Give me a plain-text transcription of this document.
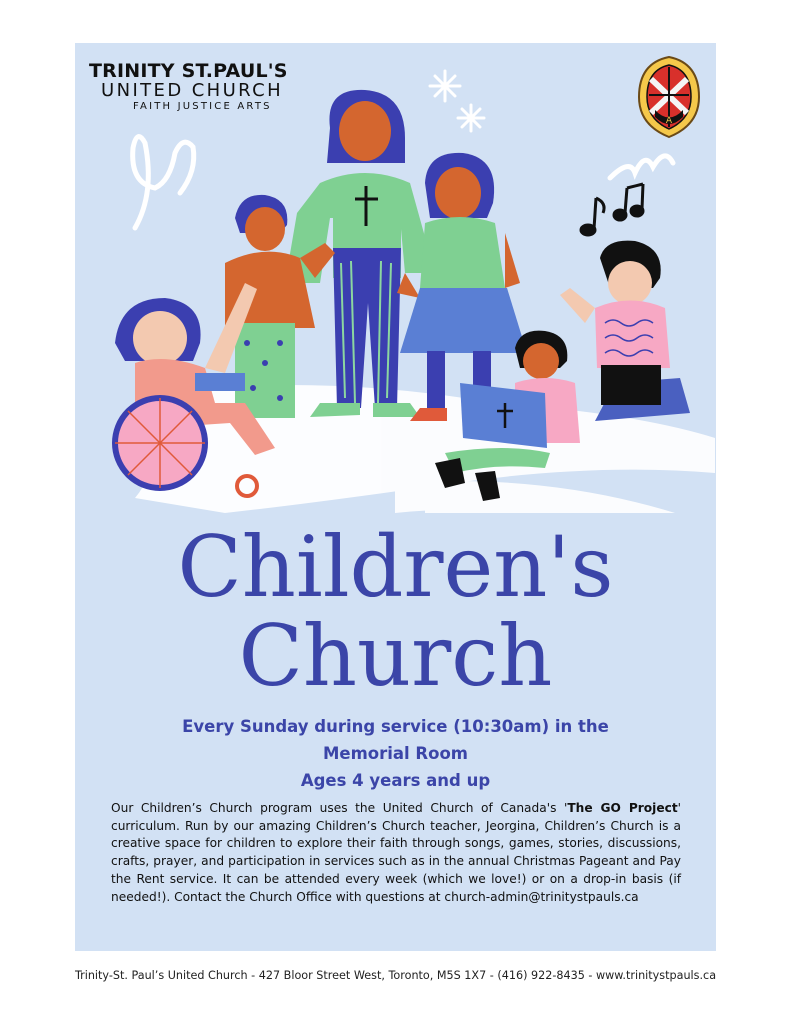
TRINITY ST.PAUL'S
UNITED CHURCH
FAITH JUSTICE ARTS
A
Children's
Church
Every Sunday during service (10:30am) in the
Memorial Room
Ages 4 years and up
Our Children’s Church program uses the United Church of Canada's 'The GO Project' curriculum. Run by our amazing Children’s Church teacher, Jeorgina, Children’s Church is a creative space for children to explore their faith through songs, games, stories, discussions, crafts, prayer, and participation in services such as in the annual Christmas Pageant and Pay the Rent service. It can be attended every week (which we love!) or on a drop-in basis (if needed!). Contact the Church Office with questions at church-admin@trinitystpauls.ca
Trinity-St. Paul’s United Church - 427 Bloor Street West, Toronto, M5S 1X7 - (416) 922-8435 - www.trinitystpauls.ca
